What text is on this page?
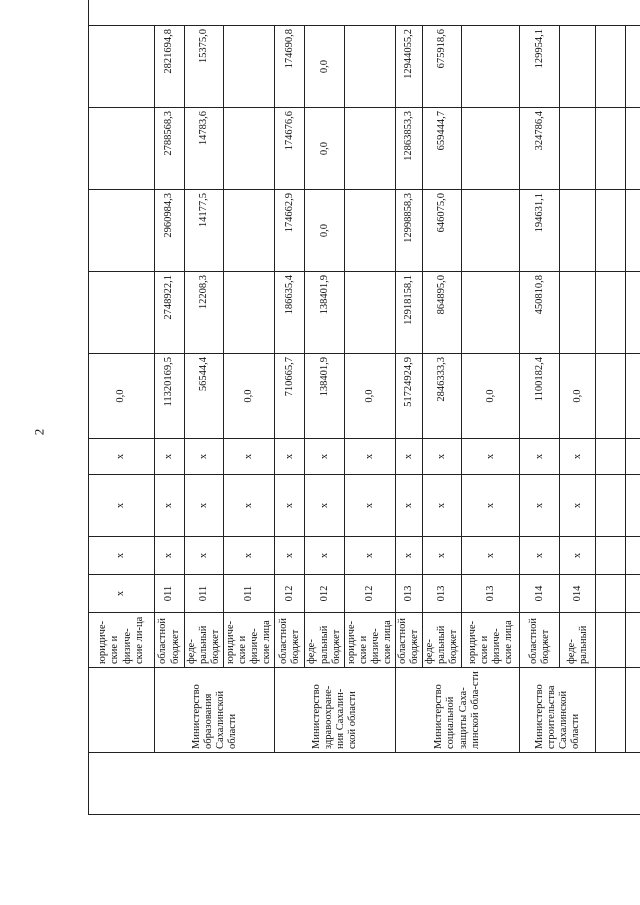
2
		юридиче-ские и физиче-ские ли-ца	x	x	x	x	0,0					
	Министерство образования Сахалинской области	областной бюджет	011	x	x	x	11320169,5	2748922,1	2960984,3	2788568,3	2821694,8	
		феде-ральный бюджет	011	x	x	x	56544,4	12208,3	14177,5	14783,6	15375,0	
		юридиче-ские и физиче-ские лица	011	x	x	x	0,0					
	Министерство здравоохране-ния Сахалин-ской области	областной бюджет	012	x	x	x	710665,7	186635,4	174662,9	174676,6	174690,8	
		феде-ральный бюджет	012	x	x	x	138401,9	138401,9	0,0	0,0	0,0	
		юридиче-ские и физиче-ские лица	012	x	x	x	0,0					
	Министерство социальной защиты Саха-линской обла-сти	областной бюджет	013	x	x	x	51724924,9	12918158,1	12998858,3	12863853,3	12944055,2	
		феде-ральный бюджет	013	x	x	x	2846333,3	864895,0	646075,0	659444,7	675918,6	
		юридиче-ские и физиче-ские лица	013	x	x	x	0,0					
	Министерство строительства Сахалинской области	областной бюджет	014	x	x	x	1100182,4	450810,8	194631,1	324786,4	129954,1	
		феде-ральный	014	x	x	x	0,0					
